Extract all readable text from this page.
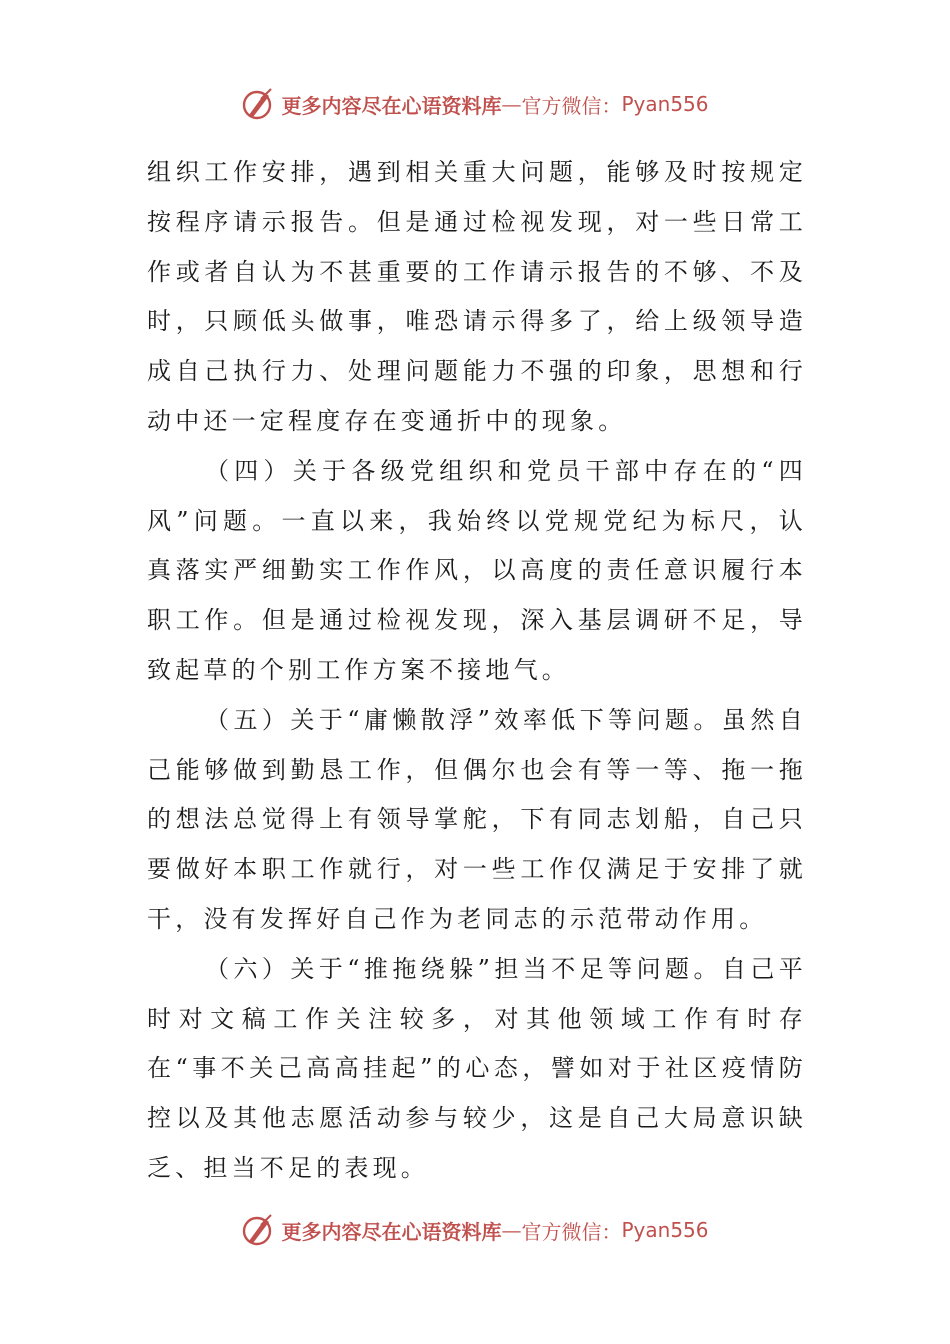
更多内容尽在心语资料库 — 官方微信： Pyan556

组织工作安排，遇到相关重大问题，能够及时按规定按程序请示报告。但是通过检视发现，对一些日常工作或者自认为不甚重要的工作请示报告的不够、不及时，只顾低头做事，唯恐请示得多了，给上级领导造成自己执行力、处理问题能力不强的印象，思想和行动中还一定程度存在变通折中的现象。

（四）关于各级党组织和党员干部中存在的“四风”问题。一直以来，我始终以党规党纪为标尺，认真落实严细勤实工作作风，以高度的责任意识履行本职工作。但是通过检视发现，深入基层调研不足，导致起草的个别工作方案不接地气。

（五）关于“庸懒散浮”效率低下等问题。虽然自己能够做到勤恳工作，但偶尔也会有等一等、拖一拖的想法总觉得上有领导掌舵，下有同志划船，自己只要做好本职工作就行，对一些工作仅满足于安排了就干，没有发挥好自己作为老同志的示范带动作用。

（六）关于“推拖绕躲”担当不足等问题。自己平时对文稿工作关注较多，对其他领域工作有时存在“事不关己高高挂起”的心态，譬如对于社区疫情防控以及其他志愿活动参与较少，这是自己大局意识缺乏、担当不足的表现。

更多内容尽在心语资料库 — 官方微信： Pyan556
